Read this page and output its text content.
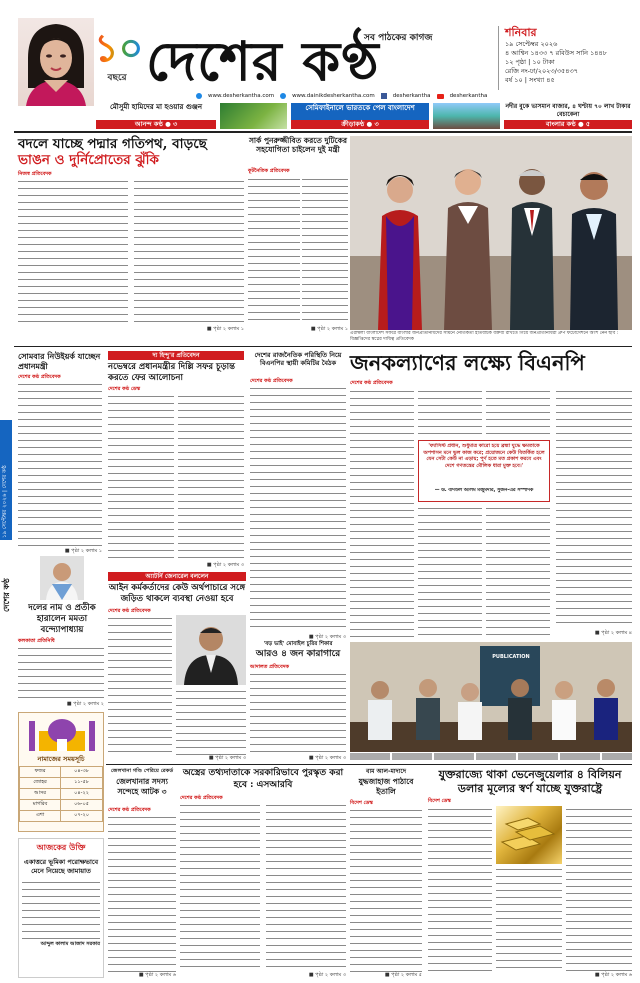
১০
বছরে
সব পাঠকের কাগজ
দেশের কণ্ঠ	শনিবার
১৯ সেপ্টেম্বর ২০২৬
৪ আশ্বিন ১৪৩৩ ৭ রবিউস সানি ১৪৪৮
১২ পৃষ্ঠা | ১০ টাকা
রেজি নং-ঢা/২০২৩/৩৫৪৩৭
বর্ষ ১০ | সংখ্যা ৪৫
www.desherkantha.com	www.dainikdesherkantha.com	desherkantha	desherkantha
মৌসুমী হামিদের মা হওয়ার গুঞ্জন
আনন্দ কণ্ঠ ● ৩
সেমিফাইনালে ভারতকে পেল বাংলাদেশ
ক্রীড়াকণ্ঠ ● ৩
নদীর বুকে ভাসমান বাজার, ৪ ঘণ্টায় ৭০ লাখ টাকার বেচাকেনা
বাংলার কণ্ঠ ● ৫
১৯ সেপ্টেম্বর ২০২৬ | দেশের কণ্ঠ
দেশের কণ্ঠ
বদলে যাচ্ছে পদ্মার গতিপথ, বাড়ছে
ভাঙন ও দুর্নিপ্রোতের ঝুঁকি
নিজস্ব প্রতিবেদক
■ পৃষ্ঠা ২ কলাম ১
সার্ক পুনরুজ্জীবিত করতে দুটিকের সহযোগিতা চাইলেন দুই মন্ত্রী
কূটনৈতিক প্রতিবেদক
■ পৃষ্ঠা ২ কলাম ১
এরাম্বলী বাংলাদেশ সফরে বাংলার জনপ্রতিনিধিদের সামনে নৈতিকতা ইতিবাচক বক্তব্য রাখতে গিয়ে জনপ্রতিনিধিরা গ্রুপ ফটোসেশনে অংশ নেন ছবি : বিজ্ঞপ্তিদের স্বপ্নের দায়িত্ব প্রতিবেদক
সোমবার নিউইয়র্ক যাচ্ছেন প্রধানমন্ত্রী
দেশের কণ্ঠ প্রতিবেদক
■ পৃষ্ঠা ২ কলাম ১
দ্য হিন্দু'র প্রতিবেদন
নভেম্বরে প্রধানমন্ত্রীর দিল্লি সফর চূড়ান্ত করতে ফের আলোচনা
দেশের কণ্ঠ ডেস্ক
■ পৃষ্ঠা ২ কলাম ৩
দেশের রাজনৈতিক পরিস্থিতি নিয়ে বিএনপির স্থায়ী কমিটির বৈঠক
দেশের কণ্ঠ প্রতিবেদক
■ পৃষ্ঠা ২ কলাম ৩
জনকল্যাণের লক্ষ্যে বিএনপি
দেশের কণ্ঠ প্রতিবেদক
'ফ্যাসিস্ট প্রধান, শুধুমাত্র কারো হয়ে ব্রহ্মা যুদ্ধে ক্ষমতাকে অপশাসন মনে ভুল কাজ করে; প্রয়োজনে কেউ বিতর্কিত হলে যেন সেটা কেউ না এড়ায়; পুর্ণ হতে মত প্রকাশ করবে এবং দেশে গণতন্ত্রের মৌলিক ধারা মুক্ত হবে।'
— ড. বদিউল আলম মজুমদার, সুজন-এর সম্পাদক
■ পৃষ্ঠা ২ কলাম ৪
দলের নাম ও প্রতীক হারালেন মমতা বন্দ্যোপাধ্যায়
কলকাতা প্রতিনিধি
■ পৃষ্ঠা ২ কলাম ২
অ্যাটর্নি জেনারেল বললেন
আইন কর্মকর্তাদের কেউ অর্থপাচারে সঙ্গে জড়িত থাকলে ব্যবস্থা নেওয়া হবে
দেশের কণ্ঠ প্রতিবেদক
■ পৃষ্ঠা ২ কলাম ৩
'বড় ভাই' মোবাইল চুরির শিকার
আরও ৪ জন কারাগারে
আদালত প্রতিবেদক
■ পৃষ্ঠা ২ কলাম ৩
PUBLICATION
নামাজের সময়সূচি
ফজর	০৪-৩৮
জোহর	১১-৫৮
আসর	০৪-২২
মাগরিব	০৬-০৫
এশা	০৭-২০
আজকের উক্তি
একাত্তরে ভূমিকা পরোক্ষভাবে মেনে নিয়েছে জামায়াত
আব্দুল কালাম আজাদ সরকার
জেলখানা গণ্ডি পেরিয়ে রেকর্ড
জেলখানার সদস্য সন্দেহে আটক ৩
দেশের কণ্ঠ প্রতিবেদক
■ পৃষ্ঠা ২ কলাম ৬
অস্ত্রের তথ্যদাতাকে সরকারিভাবে পুরস্কৃত করা হবে : এসআরবি
দেশের কণ্ঠ প্রতিবেদক
■ পৃষ্ঠা ২ কলাম ৩
বাম আল-মাদাদে
যুদ্ধজাহাজ পাঠাবে ইতালি
বিদেশ ডেস্ক
■ পৃষ্ঠা ২ কলাম ৫
যুক্তরাজ্যে থাকা ভেনেজুয়েলার ৪ বিলিয়ন
ডলার মূল্যের স্বর্ণ যাচ্ছে যুক্তরাষ্ট্রে
বিদেশ ডেস্ক
■ পৃষ্ঠা ২ কলাম ৬
